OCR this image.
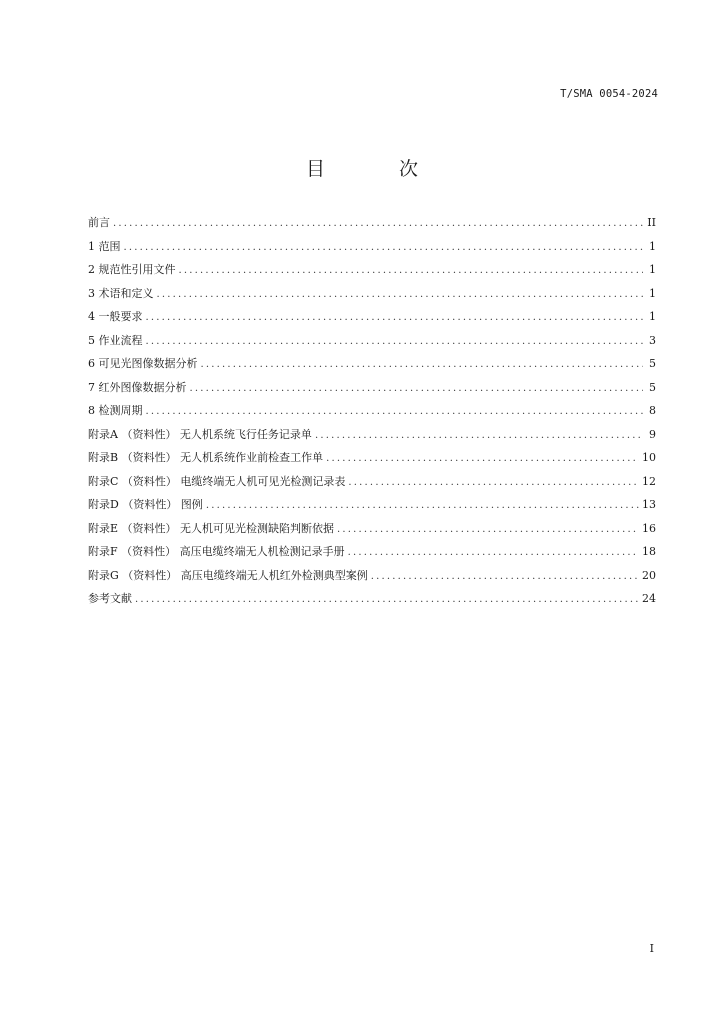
T/SMA 0054-2024
目 次
前言 .....	II
1 范围 .....	1
2 规范性引用文件 .....	1
3 术语和定义 .....	1
4 一般要求 .....	1
5 作业流程 .....	3
6 可见光图像数据分析 .....	5
7 红外图像数据分析 .....	5
8 检测周期 .....	8
附录A （资料性） 无人机系统飞行任务记录单 .....	9
附录B （资料性） 无人机系统作业前检查工作单 .....	10
附录C （资料性） 电缆终端无人机可见光检测记录表 .....	12
附录D （资料性） 图例 .....	13
附录E （资料性） 无人机可见光检测缺陷判断依据 .....	16
附录F （资料性） 高压电缆终端无人机检测记录手册 .....	18
附录G （资料性） 高压电缆终端无人机红外检测典型案例 .....	20
参考文献 .....	24
I
